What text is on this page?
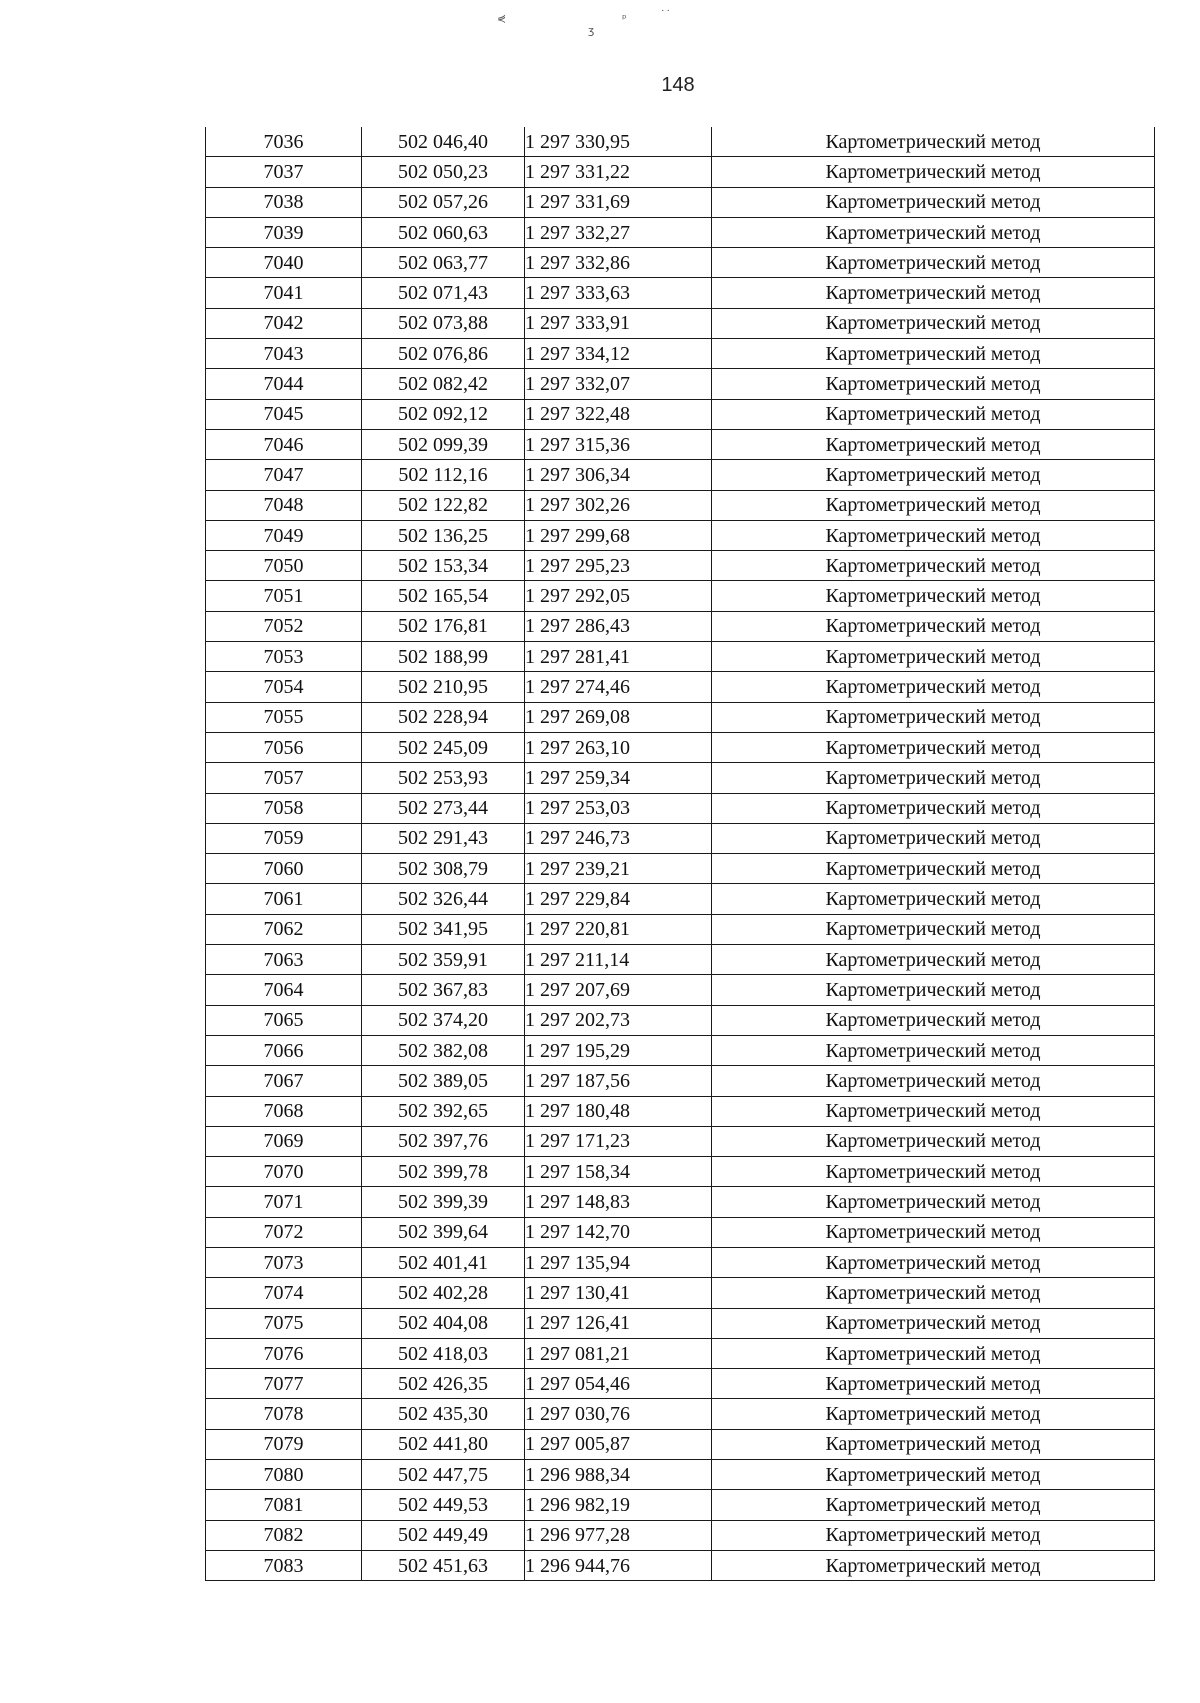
⋞
ʒ
ᵖ	˙˙
148
7036	502 046,40	1 297 330,95	Картометрический метод
7037	502 050,23	1 297 331,22	Картометрический метод
7038	502 057,26	1 297 331,69	Картометрический метод
7039	502 060,63	1 297 332,27	Картометрический метод
7040	502 063,77	1 297 332,86	Картометрический метод
7041	502 071,43	1 297 333,63	Картометрический метод
7042	502 073,88	1 297 333,91	Картометрический метод
7043	502 076,86	1 297 334,12	Картометрический метод
7044	502 082,42	1 297 332,07	Картометрический метод
7045	502 092,12	1 297 322,48	Картометрический метод
7046	502 099,39	1 297 315,36	Картометрический метод
7047	502 112,16	1 297 306,34	Картометрический метод
7048	502 122,82	1 297 302,26	Картометрический метод
7049	502 136,25	1 297 299,68	Картометрический метод
7050	502 153,34	1 297 295,23	Картометрический метод
7051	502 165,54	1 297 292,05	Картометрический метод
7052	502 176,81	1 297 286,43	Картометрический метод
7053	502 188,99	1 297 281,41	Картометрический метод
7054	502 210,95	1 297 274,46	Картометрический метод
7055	502 228,94	1 297 269,08	Картометрический метод
7056	502 245,09	1 297 263,10	Картометрический метод
7057	502 253,93	1 297 259,34	Картометрический метод
7058	502 273,44	1 297 253,03	Картометрический метод
7059	502 291,43	1 297 246,73	Картометрический метод
7060	502 308,79	1 297 239,21	Картометрический метод
7061	502 326,44	1 297 229,84	Картометрический метод
7062	502 341,95	1 297 220,81	Картометрический метод
7063	502 359,91	1 297 211,14	Картометрический метод
7064	502 367,83	1 297 207,69	Картометрический метод
7065	502 374,20	1 297 202,73	Картометрический метод
7066	502 382,08	1 297 195,29	Картометрический метод
7067	502 389,05	1 297 187,56	Картометрический метод
7068	502 392,65	1 297 180,48	Картометрический метод
7069	502 397,76	1 297 171,23	Картометрический метод
7070	502 399,78	1 297 158,34	Картометрический метод
7071	502 399,39	1 297 148,83	Картометрический метод
7072	502 399,64	1 297 142,70	Картометрический метод
7073	502 401,41	1 297 135,94	Картометрический метод
7074	502 402,28	1 297 130,41	Картометрический метод
7075	502 404,08	1 297 126,41	Картометрический метод
7076	502 418,03	1 297 081,21	Картометрический метод
7077	502 426,35	1 297 054,46	Картометрический метод
7078	502 435,30	1 297 030,76	Картометрический метод
7079	502 441,80	1 297 005,87	Картометрический метод
7080	502 447,75	1 296 988,34	Картометрический метод
7081	502 449,53	1 296 982,19	Картометрический метод
7082	502 449,49	1 296 977,28	Картометрический метод
7083	502 451,63	1 296 944,76	Картометрический метод
